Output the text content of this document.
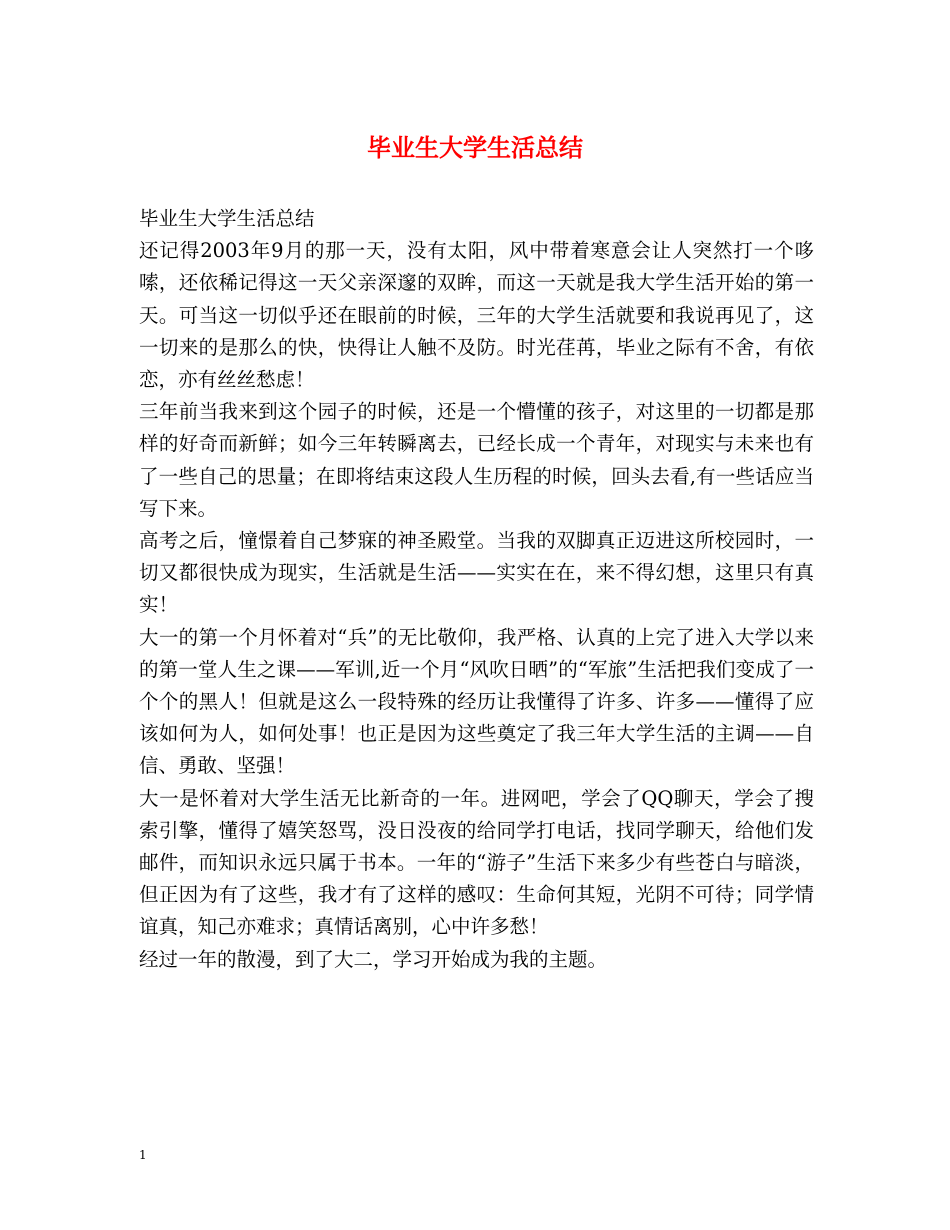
毕业生大学生活总结

毕业生大学生活总结

还记得2003年9月的那一天，没有太阳，风中带着寒意会让人突然打一个哆嗦，还依稀记得这一天父亲深邃的双眸，而这一天就是我大学生活开始的第一天。可当这一切似乎还在眼前的时候，三年的大学生活就要和我说再见了，这一切来的是那么的快，快得让人触不及防。时光荏苒，毕业之际有不舍，有依恋，亦有丝丝愁虑！

三年前当我来到这个园子的时候，还是一个懵懂的孩子，对这里的一切都是那样的好奇而新鲜；如今三年转瞬离去，已经长成一个青年，对现实与未来也有了一些自己的思量；在即将结束这段人生历程的时候，回头去看,有一些话应当写下来。

高考之后，憧憬着自己梦寐的神圣殿堂。当我的双脚真正迈进这所校园时，一切又都很快成为现实，生活就是生活——实实在在，来不得幻想，这里只有真实！

大一的第一个月怀着对“兵”的无比敬仰，我严格、认真的上完了进入大学以来的第一堂人生之课——军训,近一个月“风吹日晒”的“军旅”生活把我们变成了一个个的黑人！但就是这么一段特殊的经历让我懂得了许多、许多——懂得了应该如何为人，如何处事！也正是因为这些奠定了我三年大学生活的主调——自信、勇敢、坚强！

大一是怀着对大学生活无比新奇的一年。进网吧，学会了QQ聊天，学会了搜索引擎，懂得了嬉笑怒骂，没日没夜的给同学打电话，找同学聊天，给他们发邮件，而知识永远只属于书本。一年的“游子”生活下来多少有些苍白与暗淡，但正因为有了这些，我才有了这样的感叹：生命何其短，光阴不可待；同学情谊真，知己亦难求；真情话离别，心中许多愁！

经过一年的散漫，到了大二，学习开始成为我的主题。

1
